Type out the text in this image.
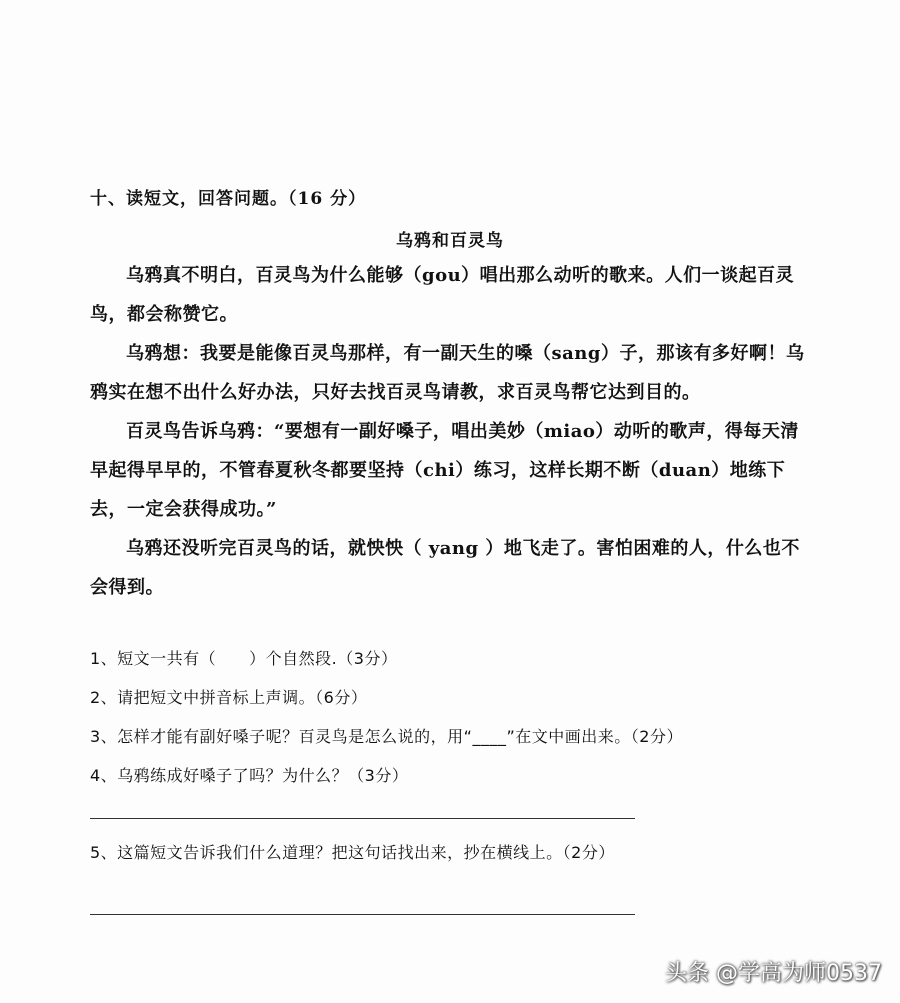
十、读短文，回答问题。（16 分）
乌鸦和百灵鸟

乌鸦真不明白，百灵鸟为什么能够（gou）唱出那么动听的歌来。人们一谈起百灵鸟，都会称赞它。

乌鸦想：我要是能像百灵鸟那样，有一副天生的嗓（sang）子，那该有多好啊！乌鸦实在想不出什么好办法，只好去找百灵鸟请教，求百灵鸟帮它达到目的。

百灵鸟告诉乌鸦：“要想有一副好嗓子，唱出美妙（miao）动听的歌声，得每天清早起得早早的，不管春夏秋冬都要坚持（chi）练习，这样长期不断（duan）地练下去，一定会获得成功。”

乌鸦还没听完百灵鸟的话，就怏怏（ yang ）地飞走了。害怕困难的人，什么也不会得到。

1、短文一共有（　　）个自然段.（3分）
2、请把短文中拼音标上声调。（6分）
3、怎样才能有副好嗓子呢？百灵鸟是怎么说的，用“____”在文中画出来。（2分）
4、乌鸦练成好嗓子了吗？为什么？（3分）
5、这篇短文告诉我们什么道理？把这句话找出来，抄在横线上。（2分）
头条 @学高为师0537
